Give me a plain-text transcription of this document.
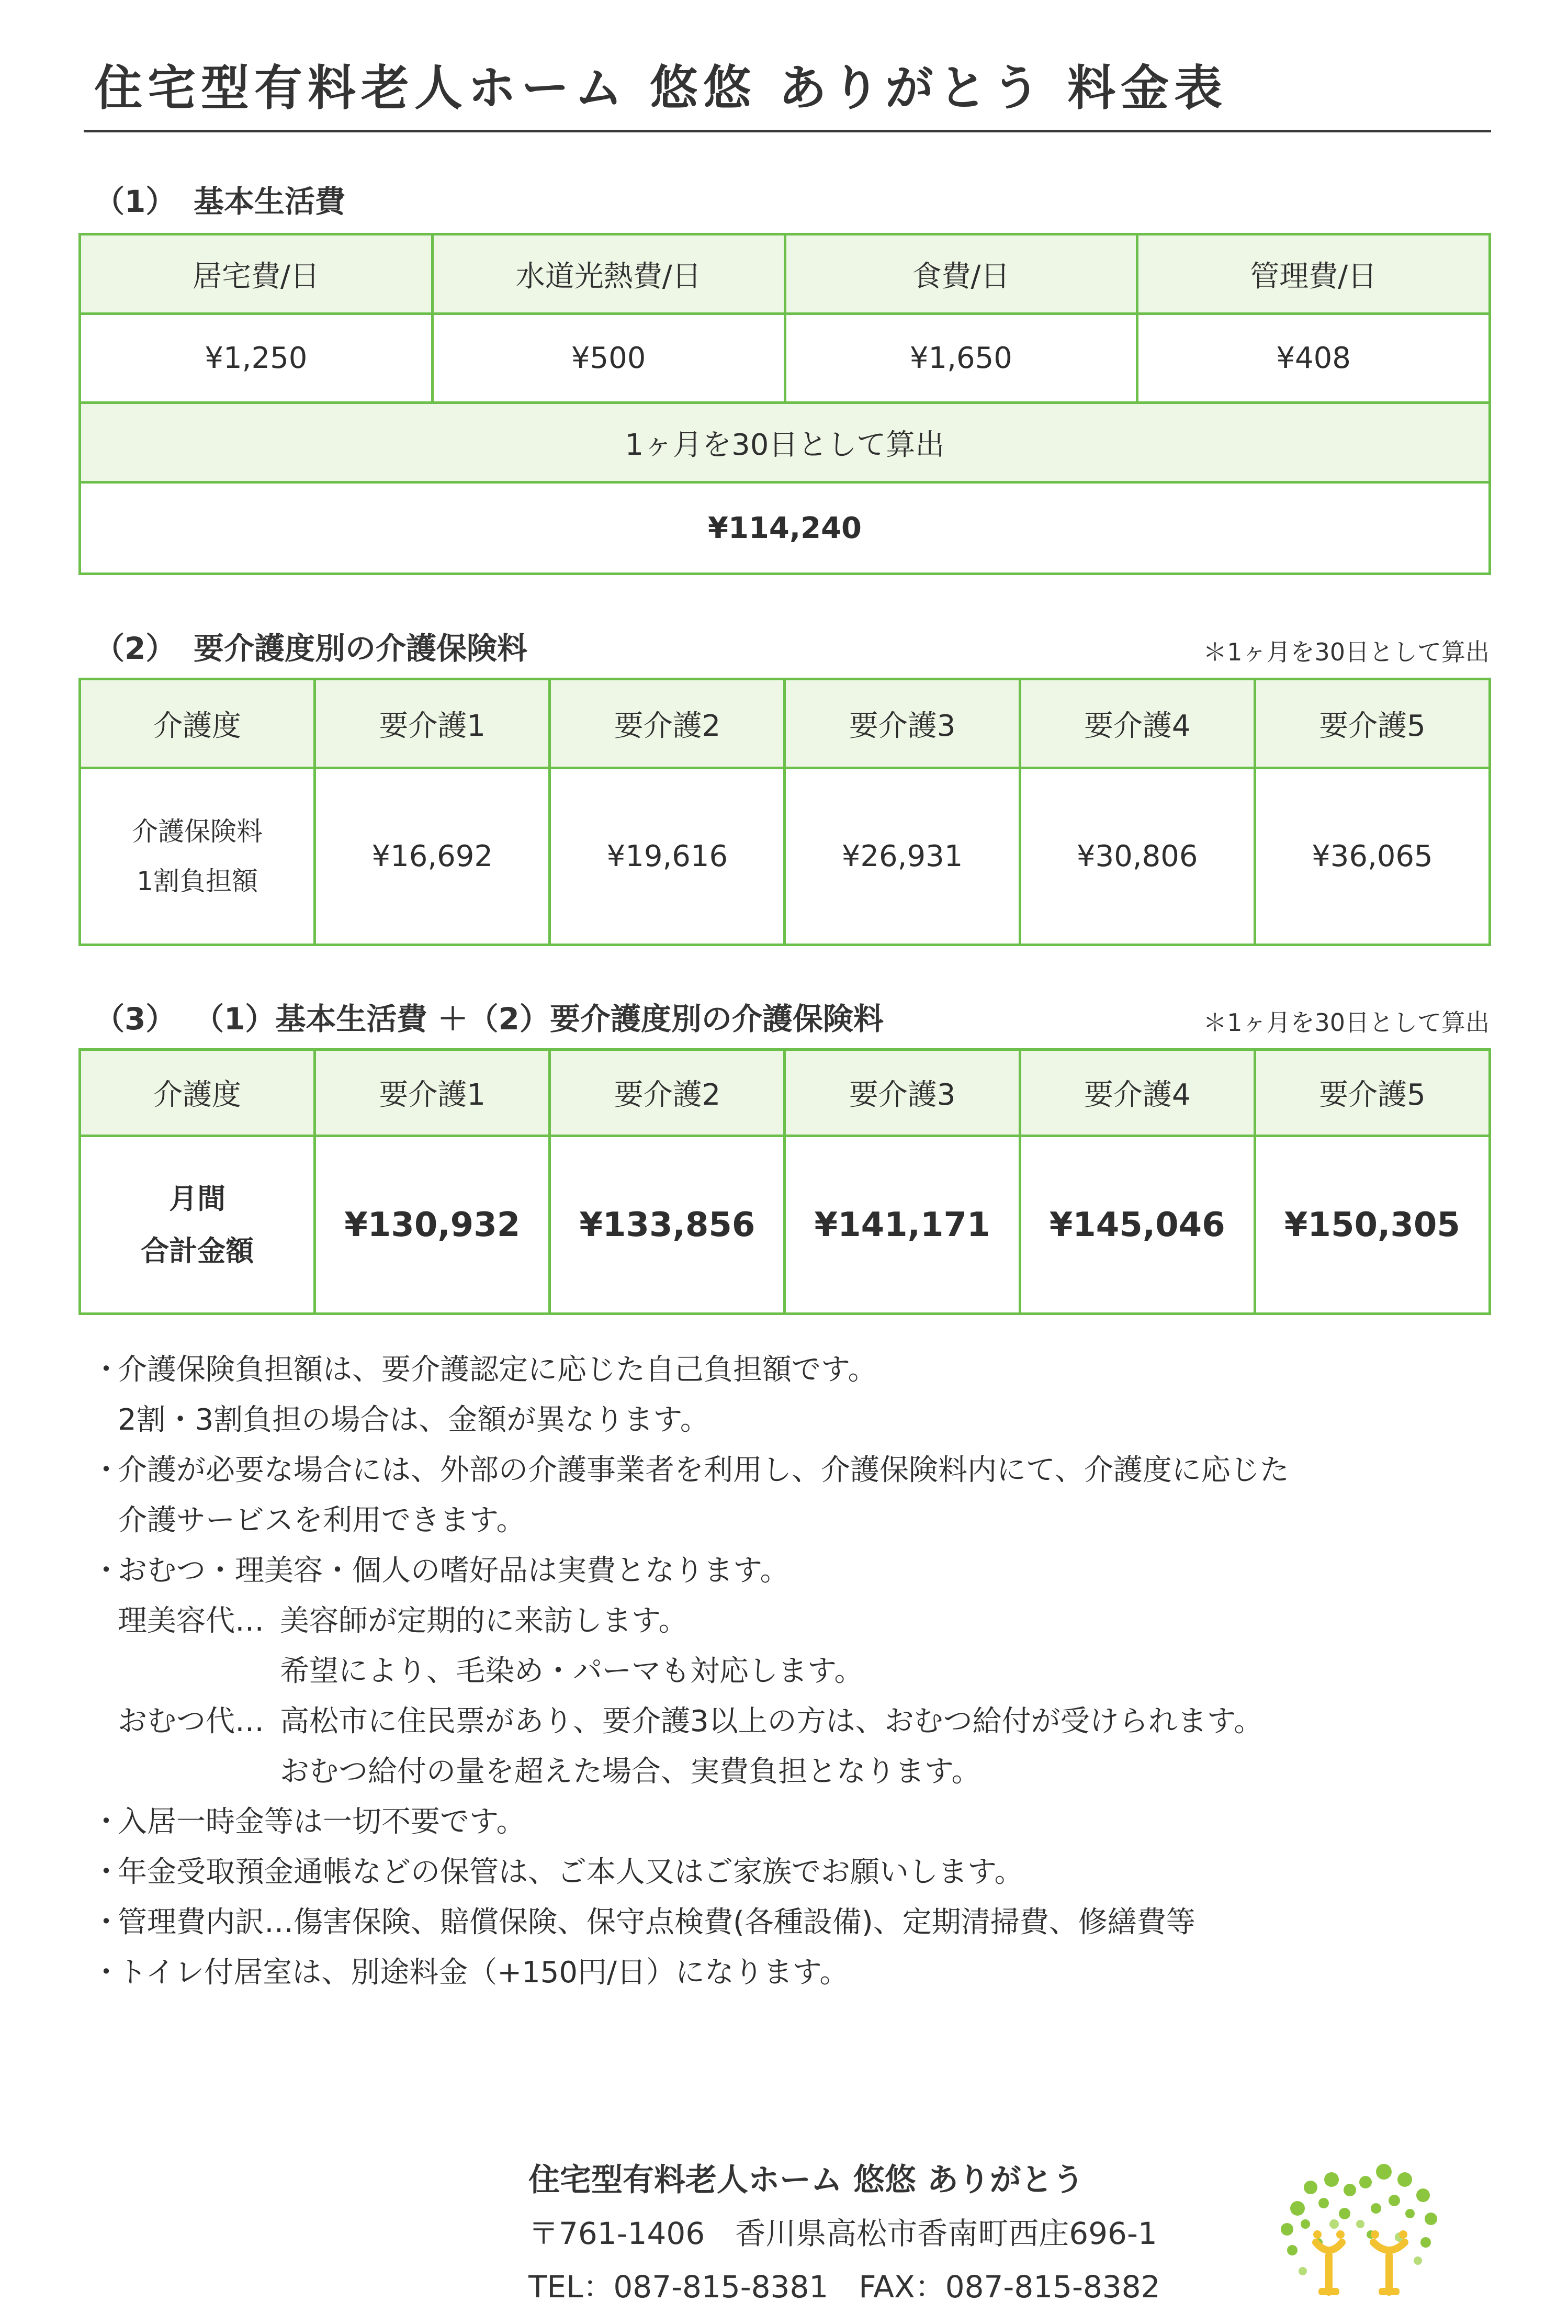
住宅型有料老人ホーム 悠悠 ありがとう 料金表
（1） 基本生活費
居宅費/日	水道光熱費/日	食費/日	管理費/日
¥1,250	¥500	¥1,650	¥408
1ヶ月を30日として算出			
¥114,240			
（2） 要介護度別の介護保険料	＊1ヶ月を30日として算出
介護度	要介護1	要介護2	要介護3	要介護4	要介護5

介護保険料
1割負担額	¥16,692	¥19,616	¥26,931	¥30,806	¥36,065
（3） （1）基本生活費 ＋（2）要介護度別の介護保険料	＊1ヶ月を30日として算出
介護度	要介護1	要介護2	要介護3	要介護4	要介護5

月間
合計金額	¥130,932	¥133,856	¥141,171	¥145,046	¥150,305
・介護保険負担額は、要介護認定に応じた自己負担額です。
2割・3割負担の場合は、金額が異なります。
・介護が必要な場合には、外部の介護事業者を利用し、介護保険料内にて、介護度に応じた
介護サービスを利用できます。
・おむつ・理美容・個人の嗜好品は実費となります。
理美容代… 美容師が定期的に来訪します。
希望により、毛染め・パーマも対応します。
おむつ代… 高松市に住民票があり、要介護3以上の方は、おむつ給付が受けられます。
おむつ給付の量を超えた場合、実費負担となります。
・入居一時金等は一切不要です。
・年金受取預金通帳などの保管は、ご本人又はご家族でお願いします。
・管理費内訳…傷害保険、賠償保険、保守点検費(各種設備)、定期清掃費、修繕費等
・トイレ付居室は、別途料金（+150円/日）になります。
住宅型有料老人ホーム 悠悠 ありがとう
〒761-1406　香川県高松市香南町西庄696-1
TEL：087-815-8381　FAX：087-815-8382
